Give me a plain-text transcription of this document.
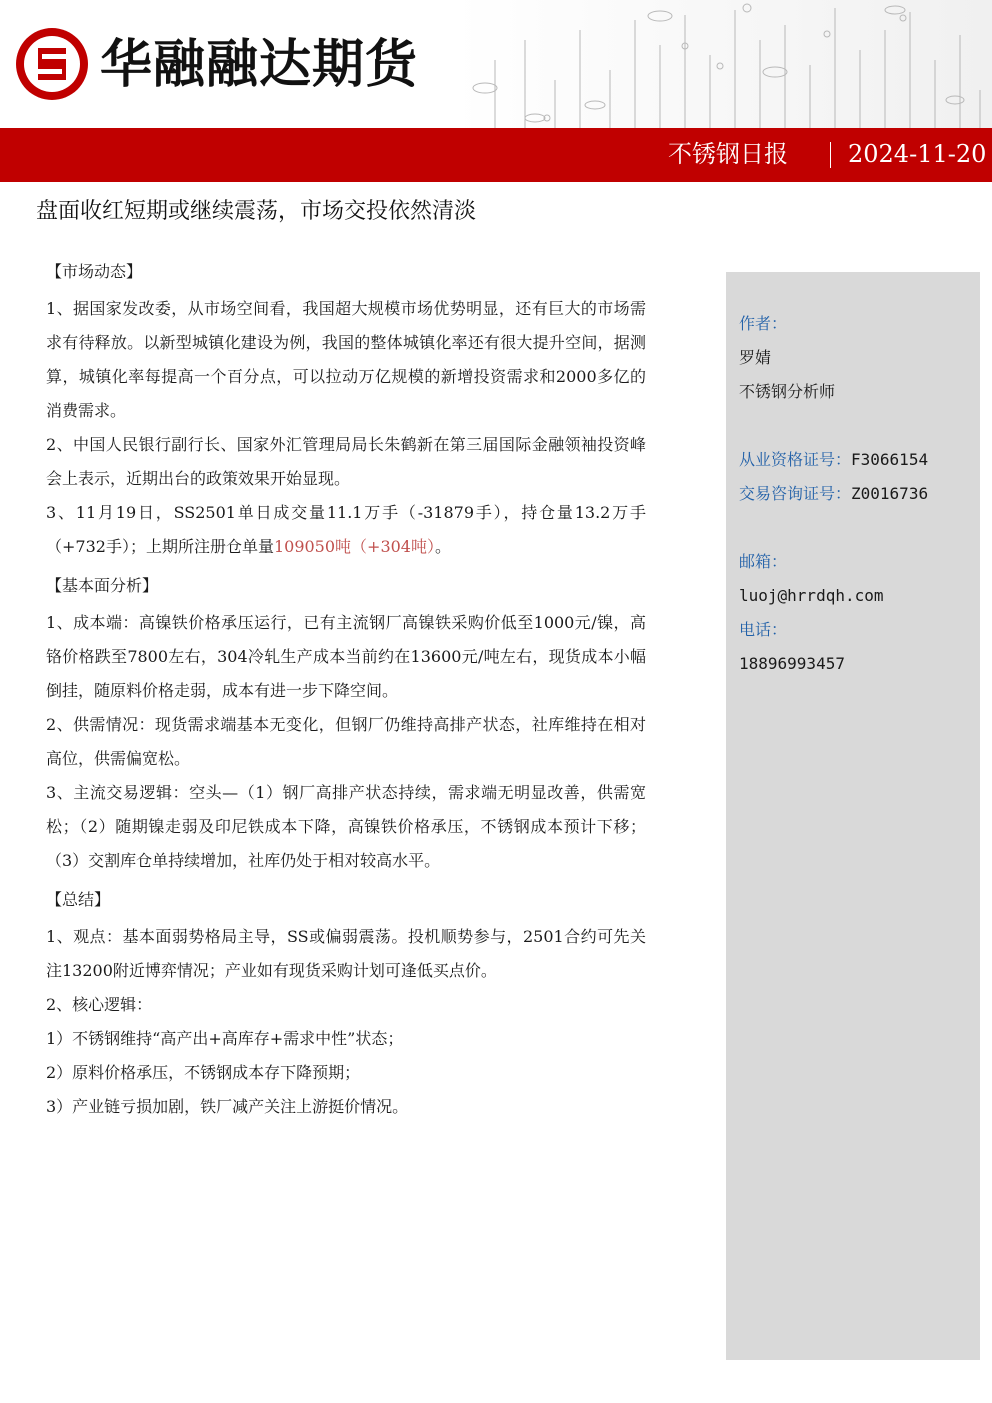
华融融达期货
不锈钢日报	2024-11-20
盘面收红短期或继续震荡，市场交投依然清淡

【市场动态】

1、据国家发改委，从市场空间看，我国超大规模市场优势明显，还有巨大的市场需求有待释放。以新型城镇化建设为例，我国的整体城镇化率还有很大提升空间，据测算，城镇化率每提高一个百分点，可以拉动万亿规模的新增投资需求和2000多亿的消费需求。

2、中国人民银行副行长、国家外汇管理局局长朱鹤新在第三届国际金融领袖投资峰会上表示，近期出台的政策效果开始显现。

3、11月19日，SS2501单日成交量11.1万手（-31879手），持仓量13.2万手（+732手）；上期所注册仓单量109050吨（+304吨）。

【基本面分析】

1、成本端：高镍铁价格承压运行，已有主流钢厂高镍铁采购价低至1000元/镍，高铬价格跌至7800左右，304冷轧生产成本当前约在13600元/吨左右，现货成本小幅倒挂，随原料价格走弱，成本有进一步下降空间。

2、供需情况：现货需求端基本无变化，但钢厂仍维持高排产状态，社库维持在相对高位，供需偏宽松。

3、主流交易逻辑：空头—（1）钢厂高排产状态持续，需求端无明显改善，供需宽松；（2）随期镍走弱及印尼铁成本下降，高镍铁价格承压，不锈钢成本预计下移；（3）交割库仓单持续增加，社库仍处于相对较高水平。

【总结】

1、观点：基本面弱势格局主导，SS或偏弱震荡。投机顺势参与，2501合约可先关注13200附近博弈情况；产业如有现货采购计划可逢低买点价。

2、核心逻辑：

1）不锈钢维持“高产出+高库存+需求中性”状态；

2）原料价格承压，不锈钢成本存下降预期；

3）产业链亏损加剧，铁厂减产关注上游挺价情况。

作者：
罗婧
不锈钢分析师
从业资格证号：F3066154
交易咨询证号：Z0016736
邮箱：
luoj@hrrdqh.com
电话：
18896993457
